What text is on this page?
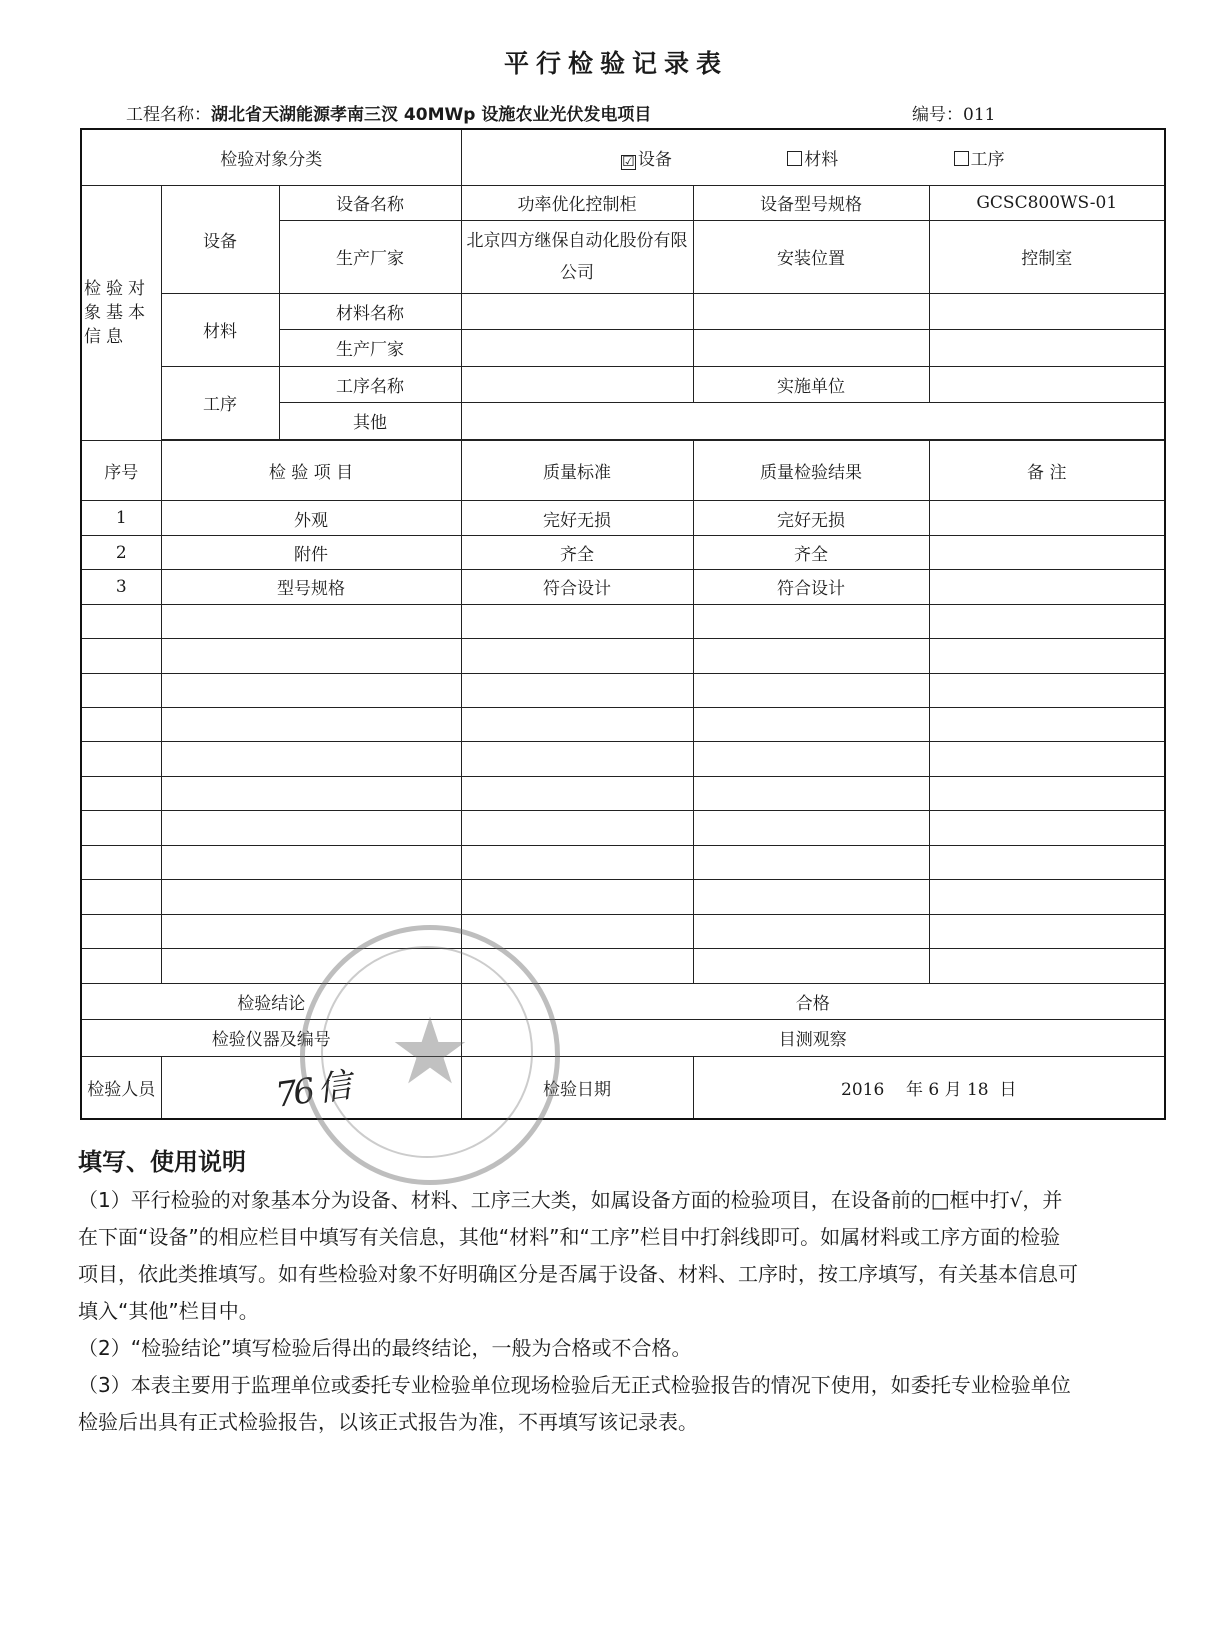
平行检验记录表
工程名称：湖北省天湖能源孝南三汊 40MWp 设施农业光伏发电项目	编号：011
检验对象分类			☑ 设备 材料 工序		
检验对象基本信息	设备	设备名称	功率优化控制柜	设备型号规格	GCSC800WS-01
		生产厂家	北京四方继保自动化股份有限公司	安装位置	控制室
	材料	材料名称			
		生产厂家			
	工序	工序名称		实施单位	
		其他			

序号	检 验 项 目		质量标准	质量检验结果	备 注
1	外观		完好无损	完好无损	
2	附件		齐全	齐全	
3	型号规格		符合设计	符合设计	

检验结论			合格		
检验仪器及编号			目测观察		
检验人员	76 信		检验日期	2016 年 6 月 18 日	
★
填写、使用说明

（1）平行检验的对象基本分为设备、材料、工序三大类，如属设备方面的检验项目，在设备前的□框中打√，并在下面“设备”的相应栏目中填写有关信息，其他“材料”和“工序”栏目中打斜线即可。如属材料或工序方面的检验项目，依此类推填写。如有些检验对象不好明确区分是否属于设备、材料、工序时，按工序填写，有关基本信息可填入“其他”栏目中。

（2）“检验结论”填写检验后得出的最终结论，一般为合格或不合格。

（3）本表主要用于监理单位或委托专业检验单位现场检验后无正式检验报告的情况下使用，如委托专业检验单位检验后出具有正式检验报告，以该正式报告为准，不再填写该记录表。
